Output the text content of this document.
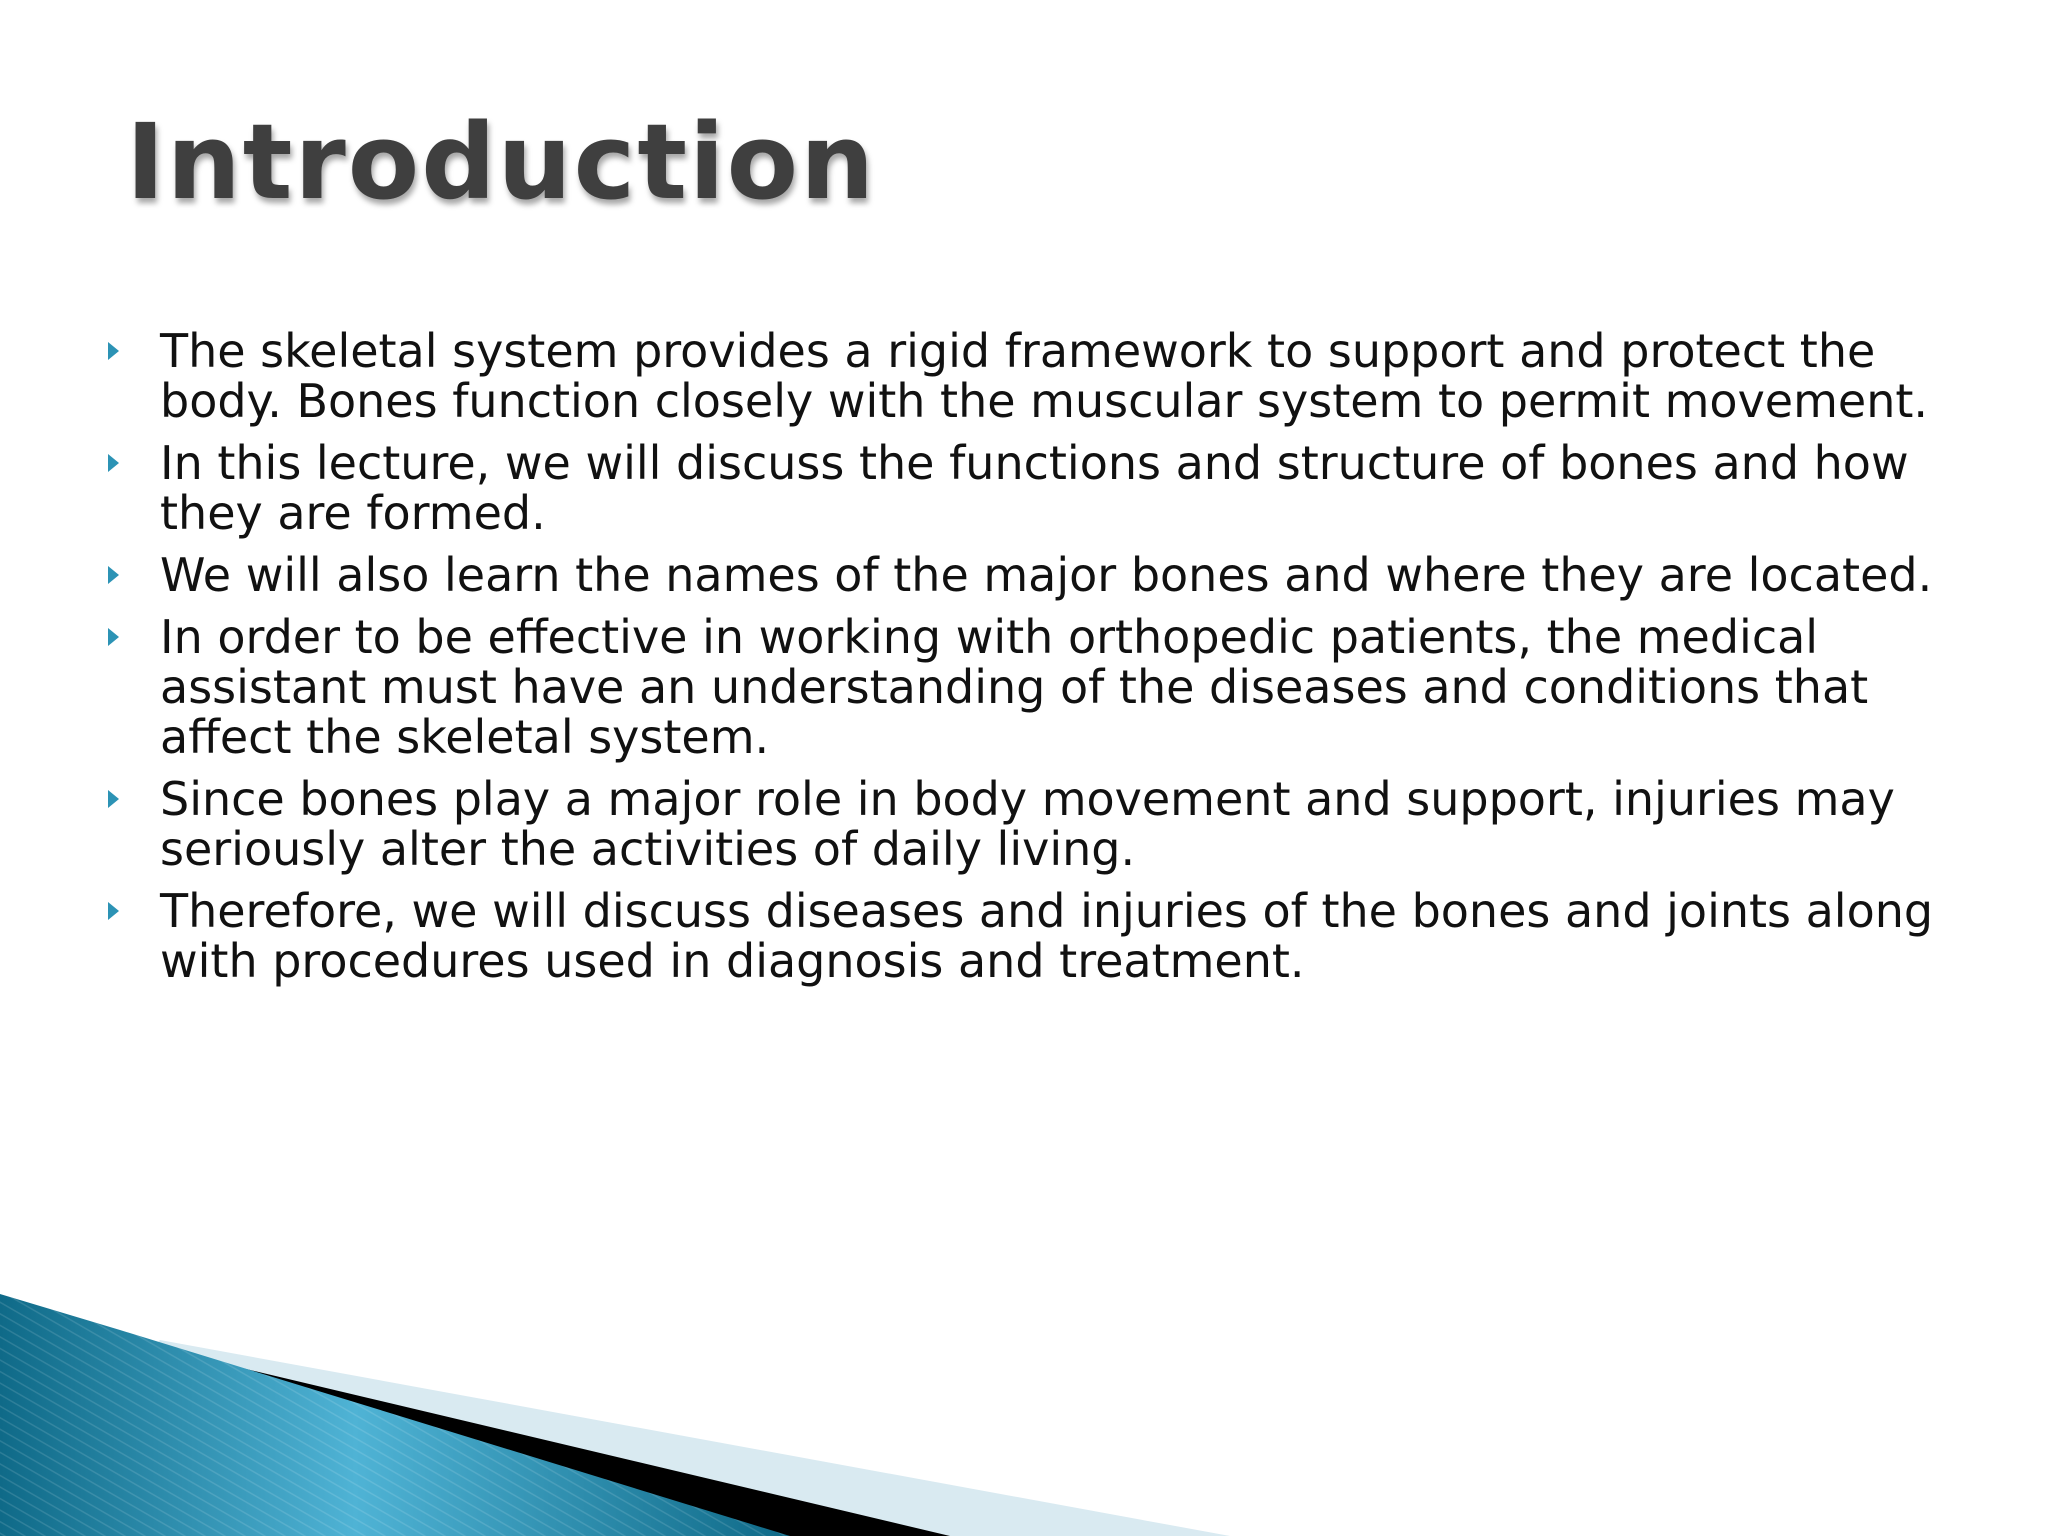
Introduction
The skeletal system provides a rigid framework to support and protect the body. Bones function closely with the muscular system to permit movement.
In this lecture, we will discuss the functions and structure of bones and how they are formed.
We will also learn the names of the major bones and where they are located.
In order to be effective in working with orthopedic patients, the medical assistant must have an understanding of the diseases and conditions that affect the skeletal system.
Since bones play a major role in body movement and support, injuries may seriously alter the activities of daily living.
Therefore, we will discuss diseases and injuries of the bones and joints along with procedures used in diagnosis and treatment.
